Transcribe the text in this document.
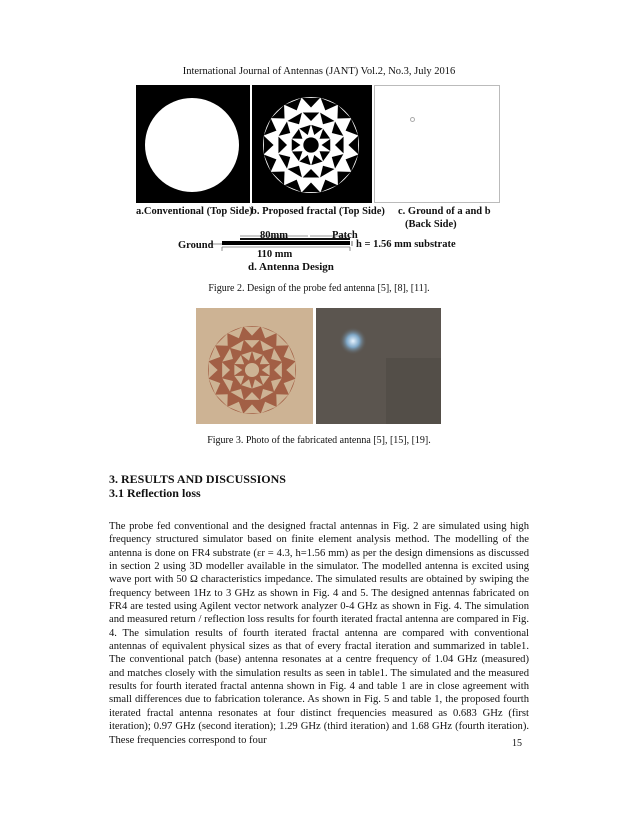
International Journal of Antennas (JANT) Vol.2, No.3, July 2016
a.Conventional (Top Side)
b. Proposed fractal (Top Side) c. Ground of a and b
(Back Side)
80mm	Patch
Ground	h = 1.56 mm substrate
110 mm
d. Antenna Design
Figure 2. Design of the probe fed antenna [5], [8], [11].
Figure 3. Photo of the fabricated antenna [5], [15], [19].
3. RESULTS AND DISCUSSIONS
3.1 Reflection loss
The probe fed conventional and the designed fractal antennas in Fig. 2 are simulated using high frequency structured simulator based on finite element analysis method. The modelling of the antenna is done on FR4 substrate (εr = 4.3, h=1.56 mm) as per the design dimensions as discussed in section 2 using 3D modeller available in the simulator. The modelled antenna is excited using wave port with 50 Ω characteristics impedance. The simulated results are obtained by swiping the frequency between 1Hz to 3 GHz as shown in Fig. 4 and 5. The designed antennas fabricated on FR4 are tested using Agilent vector network analyzer 0-4 GHz as shown in Fig. 4. The simulation and measured return / reflection loss results for fourth iterated fractal antenna are compared in Fig. 4. The simulation results of fourth iterated fractal antenna are compared with conventional antennas of equivalent physical sizes as that of every fractal iteration and summarized in table1. The conventional patch (base) antenna resonates at a centre frequency of 1.04 GHz (measured) and matches closely with the simulation results as seen in table1. The simulated and the measured results for fourth iterated fractal antenna shown in Fig. 4 and table 1 are in close agreement with small differences due to fabrication tolerance. As shown in Fig. 5 and table 1, the proposed fourth iterated fractal antenna resonates at four distinct frequencies measured as 0.683 GHz (first iteration); 0.97 GHz (second iteration); 1.29 GHz (third iteration) and 1.68 GHz (fourth iteration). These frequencies correspond to four	15
